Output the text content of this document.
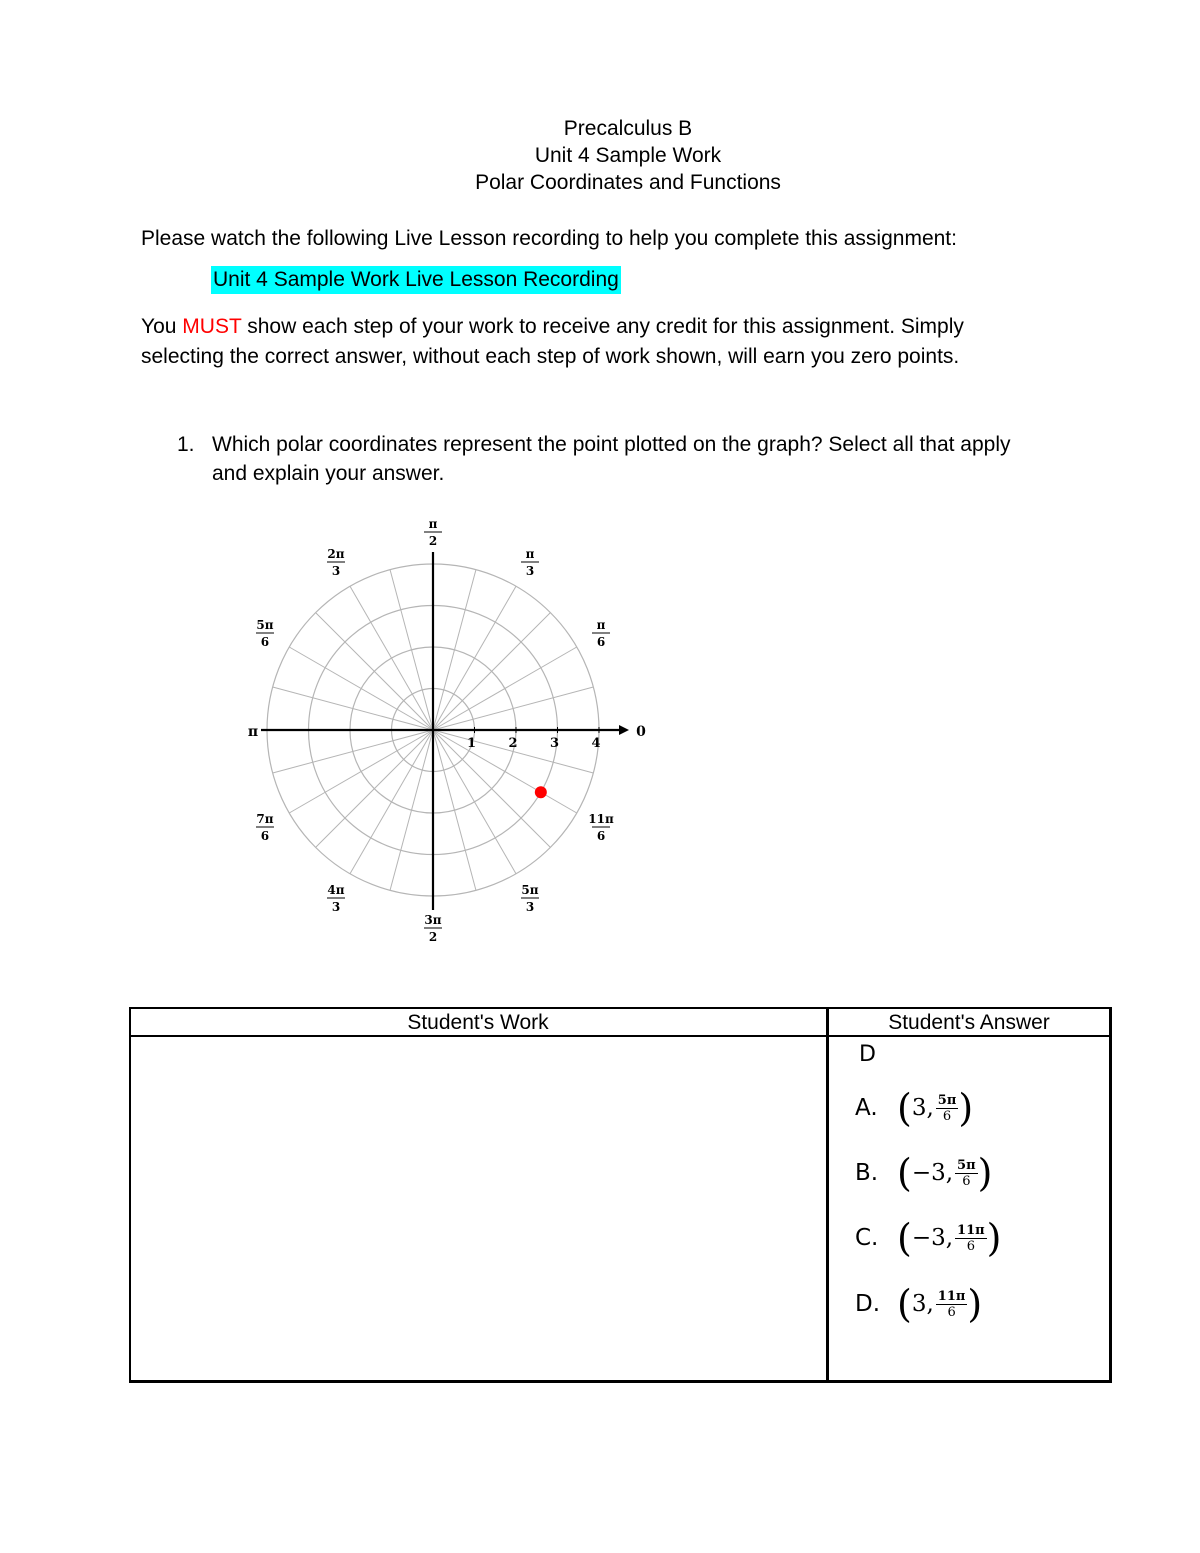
Precalculus B
Unit 4 Sample Work
Polar Coordinates and Functions
Please watch the following Live Lesson recording to help you complete this assignment:
Unit 4 Sample Work Live Lesson Recording
You MUST show each step of your work to receive any credit for this assignment. Simply
selecting the correct answer, without each step of work shown, will earn you zero points.
1. Which polar coordinates represent the point plotted on the graph? Select all that apply
and explain your answer.
1 2 3 4
π	0
π
2
π
3
π
6
2π
3
5π
6
7π
6
4π
3
3π
2
5π
3
11π
6
Student's Work	Student's Answer
D
A. ( 3, $\frac{5\pi}{6}$ )
B. ( −3, $\frac{5\pi}{6}$ )
C. ( −3, $\frac{11\pi}{6}$ )
D. ( 3, $\frac{11\pi}{6}$ )
